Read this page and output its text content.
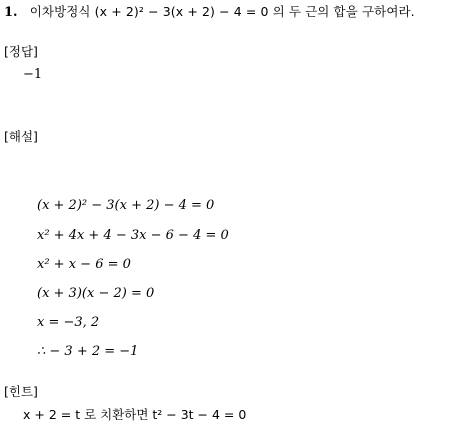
1. 이차방정식 (x + 2)² − 3(x + 2) − 4 = 0 의 두 근의 합을 구하여라.
[정답]
−1
[해설]
(x + 2)² − 3(x + 2) − 4 = 0
x² + 4x + 4 − 3x − 6 − 4 = 0
x² + x − 6 = 0
(x + 3)(x − 2) = 0
x = −3, 2
∴ − 3 + 2 = −1
[힌트]
x + 2 = t 로 치환하면 t² − 3t − 4 = 0
